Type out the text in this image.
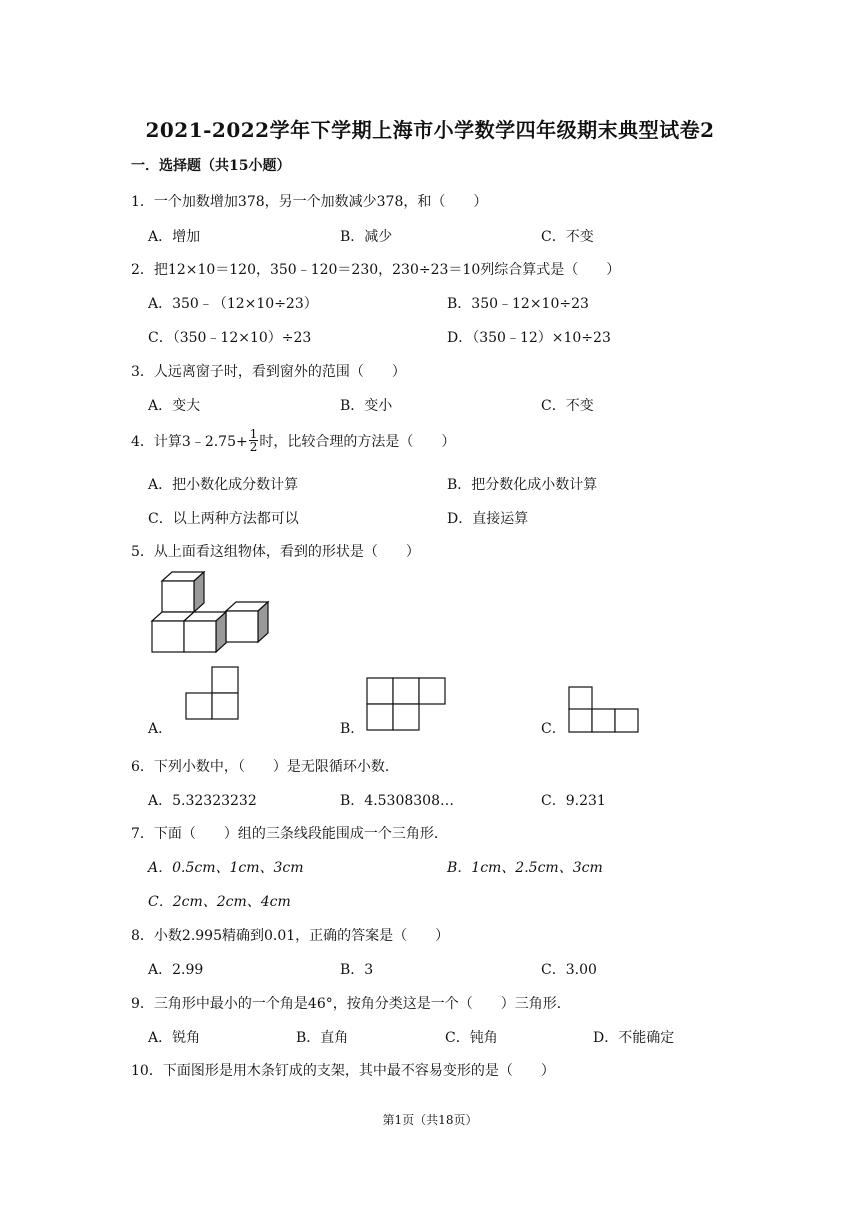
2021-2022学年下学期上海市小学数学四年级期末典型试卷2
一．选择题（共15小题）
1．一个加数增加378，另一个加数减少378，和（　　）
A．增加	B．减少	C．不变
2．把12×10＝120，350﹣120＝230，230÷23＝10列综合算式是（　　）
A．350﹣（12×10÷23）	B．350﹣12×10÷23
C．（350﹣12×10）÷23	D．（350﹣12）×10÷23
3．人远离窗子时，看到窗外的范围（　　）
A．变大	B．变小	C．不变
4．计算3﹣2.75+ $\frac{1}{2}$ 时，比较合理的方法是（　　）
A．把小数化成分数计算	B．把分数化成小数计算
C．以上两种方法都可以	D．直接运算
5．从上面看这组物体，看到的形状是（　　）
A．	B．	C．
6．下列小数中，（　　）是无限循环小数．
A．5.32323232	B．4.5308308…	C．9.231
7．下面（　　）组的三条线段能围成一个三角形．
A．0.5cm、1cm、3cm	B．1cm、2.5cm、3cm
C．2cm、2cm、4cm
8．小数2.995精确到0.01，正确的答案是（　　）
A．2.99	B．3	C．3.00
9．三角形中最小的一个角是46°，按角分类这是一个（　　）三角形．
A．锐角	B．直角	C．钝角	D．不能确定
10．下面图形是用木条钉成的支架，其中最不容易变形的是（　　）
第1页（共18页）
